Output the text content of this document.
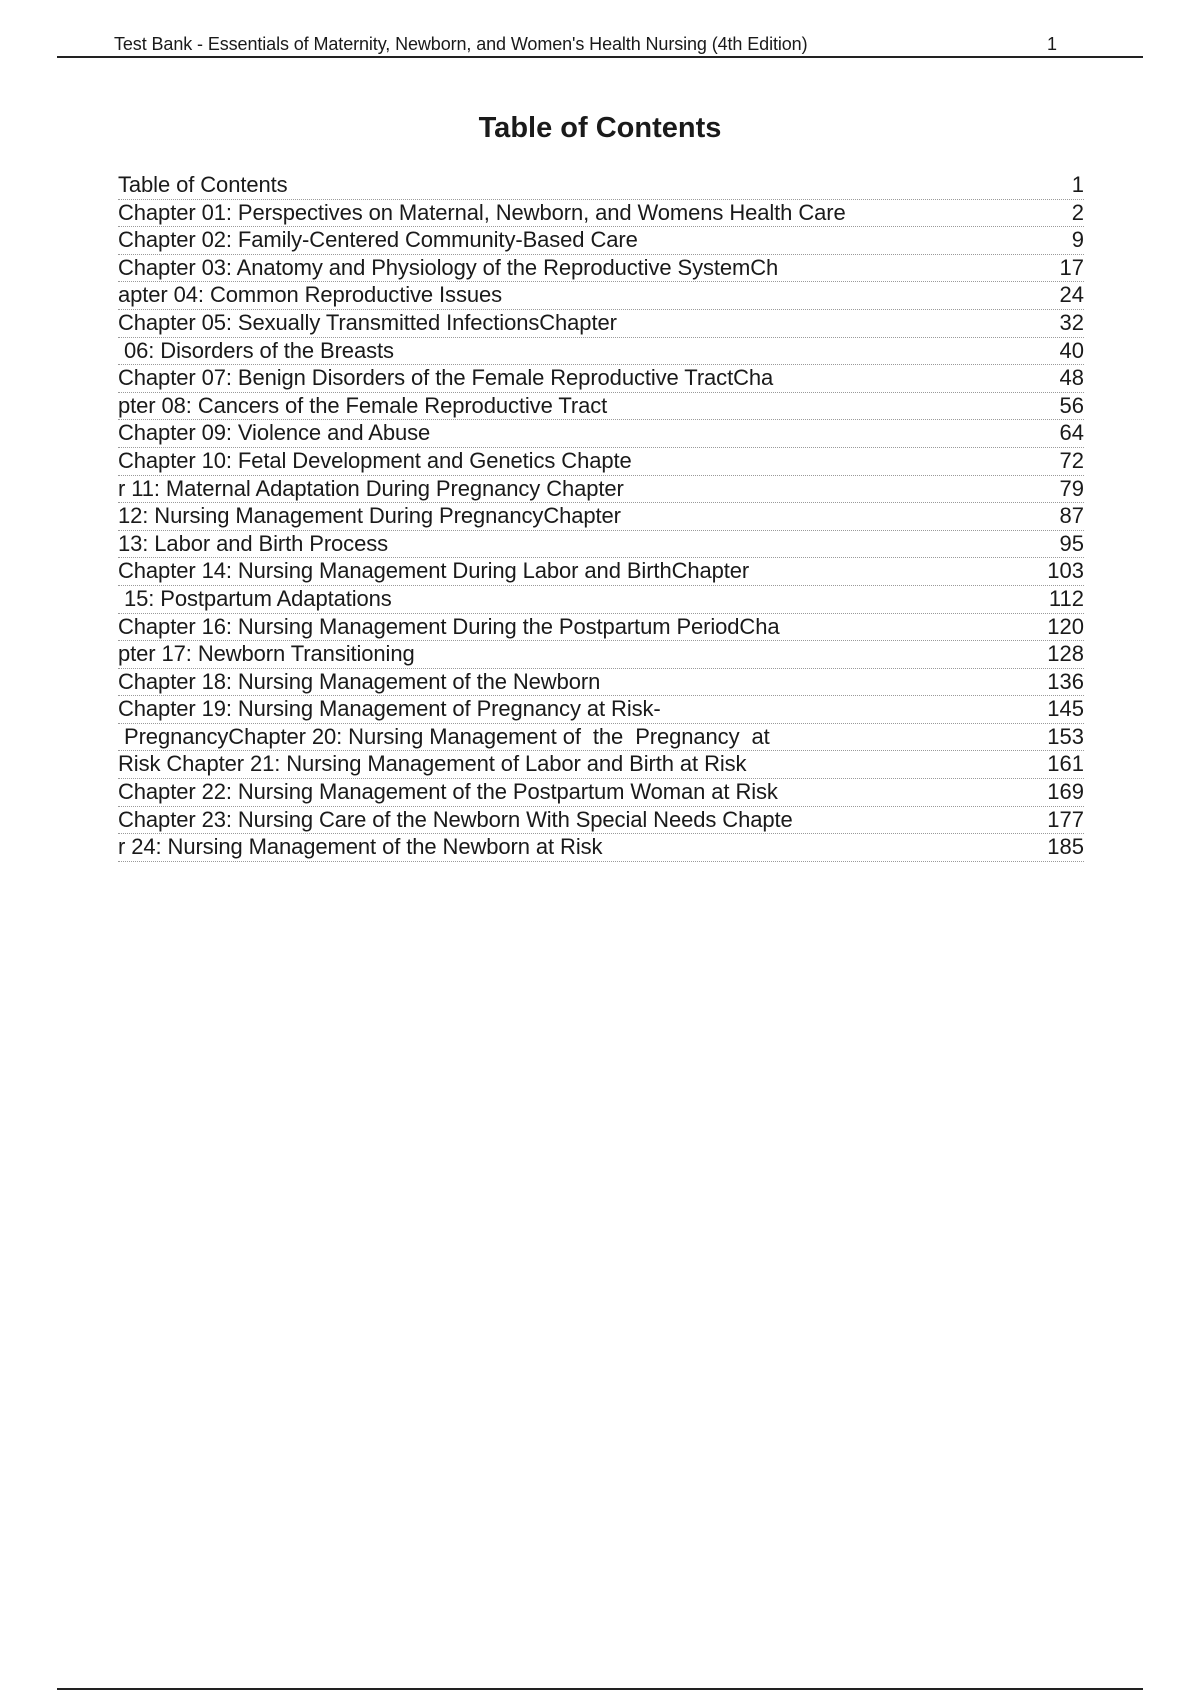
Test Bank - Essentials of Maternity, Newborn, and Women's Health Nursing (4th Edition)	1
Table of Contents
Table of Contents	1
Chapter 01: Perspectives on Maternal, Newborn, and Womens Health Care	2
Chapter 02: Family-Centered Community-Based Care	9
Chapter 03: Anatomy and Physiology of the Reproductive SystemCh	17
apter 04: Common Reproductive Issues	24
Chapter 05: Sexually Transmitted InfectionsChapter	32
06: Disorders of the Breasts	40
Chapter 07: Benign Disorders of the Female Reproductive TractCha	48
pter 08: Cancers of the Female Reproductive Tract	56
Chapter 09: Violence and Abuse	64
Chapter 10: Fetal Development and Genetics Chapte	72
r 11: Maternal Adaptation During Pregnancy Chapter	79
12: Nursing Management During PregnancyChapter	87
13: Labor and Birth Process	95
Chapter 14: Nursing Management During Labor and BirthChapter	103
15: Postpartum Adaptations	112
Chapter 16: Nursing Management During the Postpartum PeriodCha	120
pter 17: Newborn Transitioning	128
Chapter 18: Nursing Management of the Newborn	136
Chapter 19: Nursing Management of Pregnancy at Risk-	145
PregnancyChapter 20: Nursing Management of  the  Pregnancy  at	153
Risk Chapter 21: Nursing Management of Labor and Birth at Risk	161
Chapter 22: Nursing Management of the Postpartum Woman at Risk	169
Chapter 23: Nursing Care of the Newborn With Special Needs Chapte	177
r 24: Nursing Management of the Newborn at Risk	185
